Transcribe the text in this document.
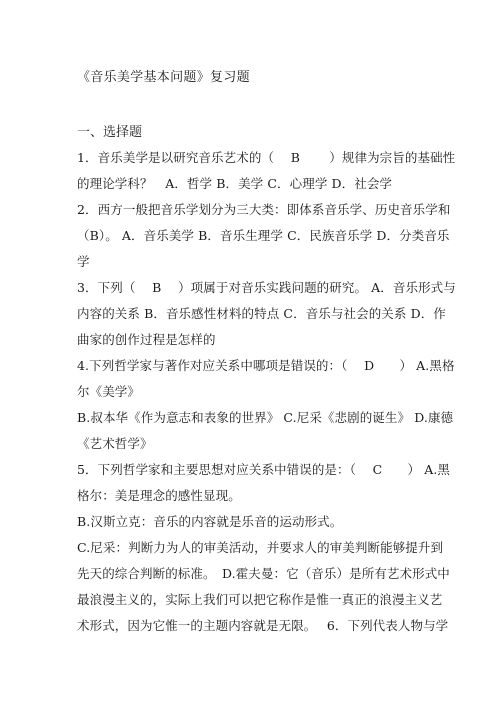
《音乐美学基本问题》复习题
一、选择题
1．音乐美学是以研究音乐艺术的（　 B　　 ）规律为宗旨的基础性
的理论学科？　A．哲学 B．美学 C．心理学 D．社会学
2．西方一般把音乐学划分为三大类：即体系音乐学、历史音乐学和
（B）。 A．音乐美学 B．音乐生理学 C．民族音乐学 D．分类音乐
学
3．下列（　 B　 ）项属于对音乐实践问题的研究。 A．音乐形式与
内容的关系 B．音乐感性材料的特点 C．音乐与社会的关系 D．作
曲家的创作过程是怎样的
4.下列哲学家与著作对应关系中哪项是错误的：（　 D　　） A.黑格
尔《美学》
B.叔本华《作为意志和表象的世界》 C.尼采《悲剧的诞生》 D.康德
《艺术哲学》
5．下列哲学家和主要思想对应关系中错误的是：（　 C　　） A.黑
格尔：美是理念的感性显现。
B.汉斯立克：音乐的内容就是乐音的运动形式。
C.尼采：判断力为人的审美活动，并要求人的审美判断能够提升到
先天的综合判断的标准。　D.霍夫曼：它（音乐）是所有艺术形式中
最浪漫主义的，实际上我们可以把它称作是惟一真正的浪漫主义艺
术形式，因为它惟一的主题内容就是无限。　 6．下列代表人物与学
